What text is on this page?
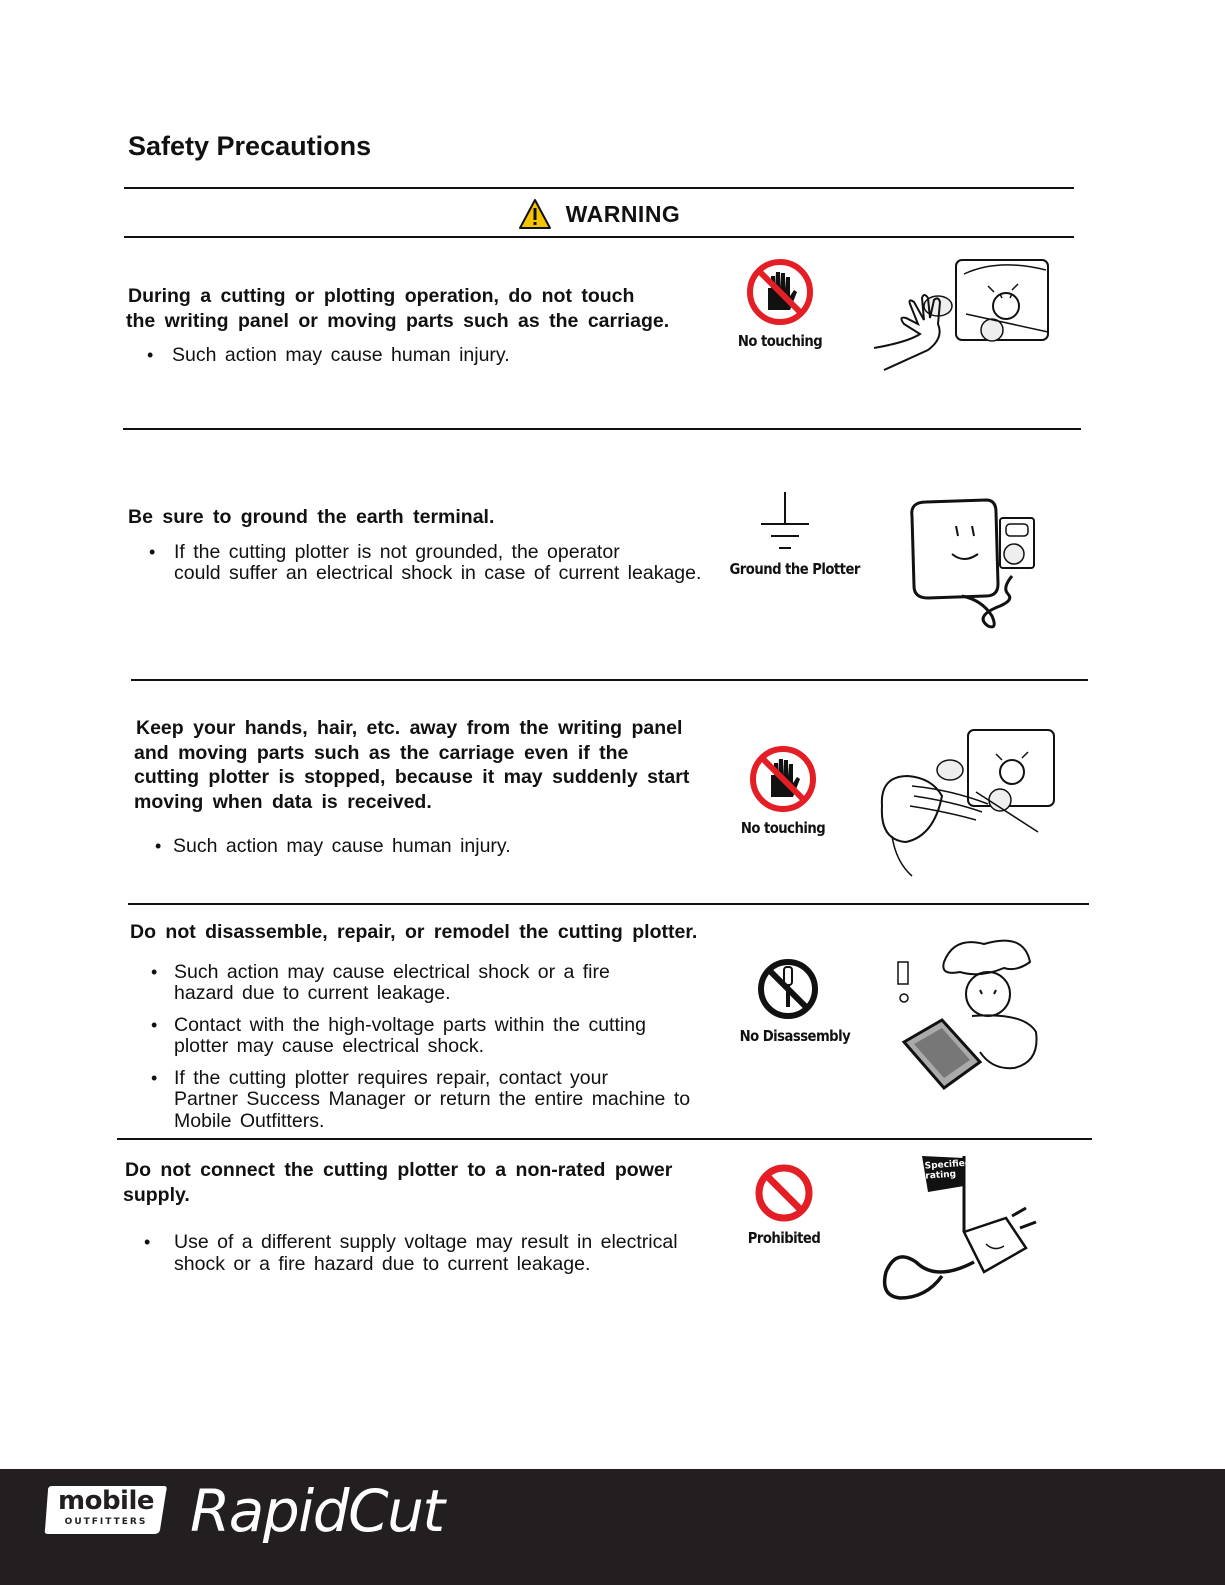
Safety Precautions
WARNING
During a cutting or plotting operation, do not touch
the writing panel or moving parts such as the carriage.
• Such action may cause human injury.
No touching
Be sure to ground the earth terminal.
• If the cutting plotter is not grounded, the operator
could suffer an electrical shock in case of current leakage.	Ground the Plotter
Keep your hands, hair, etc. away from the writing panel
and moving parts such as the carriage even if the
cutting plotter is stopped, because it may suddenly start
moving when data is received.
• Such action may cause human injury.
No touching
Do not disassemble, repair, or remodel the cutting plotter.
• Such action may cause electrical shock or a fire
hazard due to current leakage.
• Contact with the high-voltage parts within the cutting
plotter may cause electrical shock.
• If the cutting plotter requires repair, contact your
Partner Success Manager or return the entire machine to
Mobile Outfitters.
No Disassembly
Do not connect the cutting plotter to a non-rated power
supply.
• Use of a different supply voltage may result in electrical
shock or a fire hazard due to current leakage.
Prohibited
Specified
rating
mobile
OUTFITTERS RapidCut
